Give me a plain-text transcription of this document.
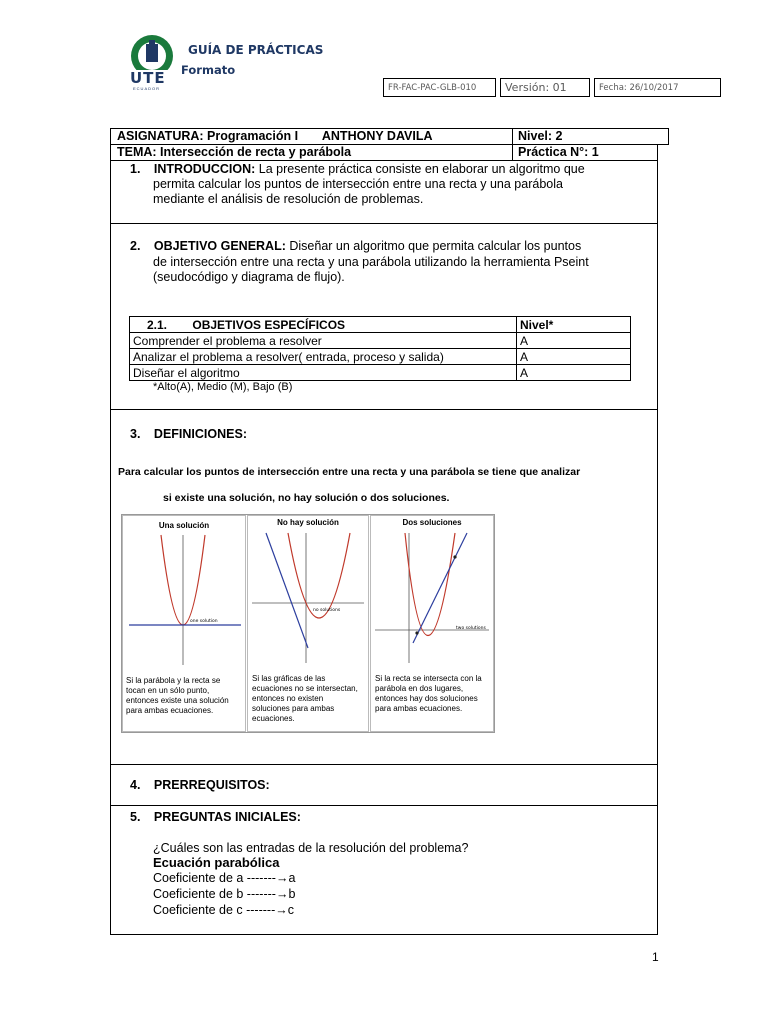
UTE
ECUADOR
GUÍA DE PRÁCTICAS
Formato
FR-FAC-PAC-GLB-010	Versión: 01	Fecha: 26/10/2017
ASIGNATURA: Programación I       ANTHONY DAVILA	Nivel: 2
TEMA: Intersección de recta y parábola	Práctica N°: 1
1. INTRODUCCION: La presente práctica consiste en elaborar un algoritmo que
permita calcular los puntos de intersección entre una recta y una parábola
mediante el análisis de resolución de problemas.
2. OBJETIVO GENERAL: Diseñar un algoritmo que permita calcular los puntos
de intersección entre una recta y una parábola utilizando la herramienta Pseint
(seudocódigo y diagrama de flujo).
2.1. OBJETIVOS ESPECÍFICOS	Nivel*
Comprender el problema a resolver	A
Analizar el problema a resolver( entrada, proceso y salida)	A
Diseñar el algoritmo	A
*Alto(A), Medio (M), Bajo (B)
3. DEFINICIONES:
Para calcular los puntos de intersección entre una recta y una parábola se tiene que analizar
si existe una solución, no hay solución o dos soluciones.
Una solución
one solution
Si la parábola y la recta se
tocan en un sólo punto,
entonces existe una solución
para ambas ecuaciones.
No hay solución
no solutions
Si las gráficas de las
ecuaciones no se intersectan,
entonces no existen
soluciones para ambas
ecuaciones.
Dos soluciones
two solutions
Si la recta se intersecta con la
parábola en dos lugares,
entonces hay dos soluciones
para ambas ecuaciones.
4. PRERREQUISITOS:
5. PREGUNTAS INICIALES:
¿Cuáles son las entradas de la resolución del problema?
Ecuación parabólica
Coeficiente de a -------→a
Coeficiente de b -------→b
Coeficiente de c -------→c
1
